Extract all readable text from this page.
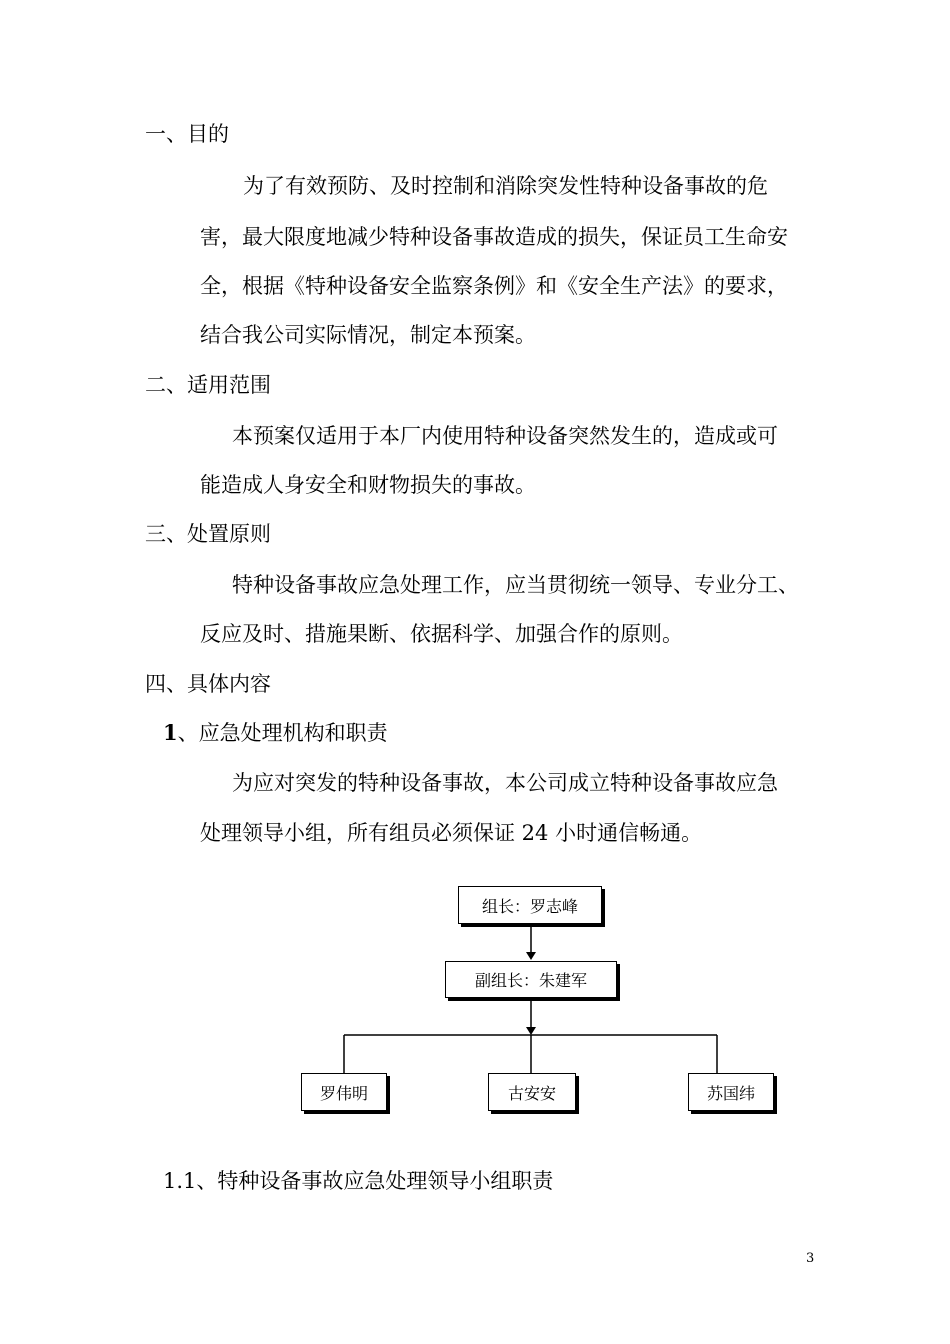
一、目的
为了有效预防、及时控制和消除突发性特种设备事故的危
害，最大限度地减少特种设备事故造成的损失，保证员工生命安
全，根据《特种设备安全监察条例》和《安全生产法》的要求，
结合我公司实际情况，制定本预案。
二、适用范围
本预案仅适用于本厂内使用特种设备突然发生的，造成或可
能造成人身安全和财物损失的事故。
三、处置原则
特种设备事故应急处理工作，应当贯彻统一领导、专业分工、
反应及时、措施果断、依据科学、加强合作的原则。
四、具体内容
1、应急处理机构和职责
为应对突发的特种设备事故，本公司成立特种设备事故应急
处理领导小组，所有组员必须保证 24 小时通信畅通。
组长：罗志峰
副组长：朱建军
罗伟明	古安安	苏国纬
1.1、特种设备事故应急处理领导小组职责
3
